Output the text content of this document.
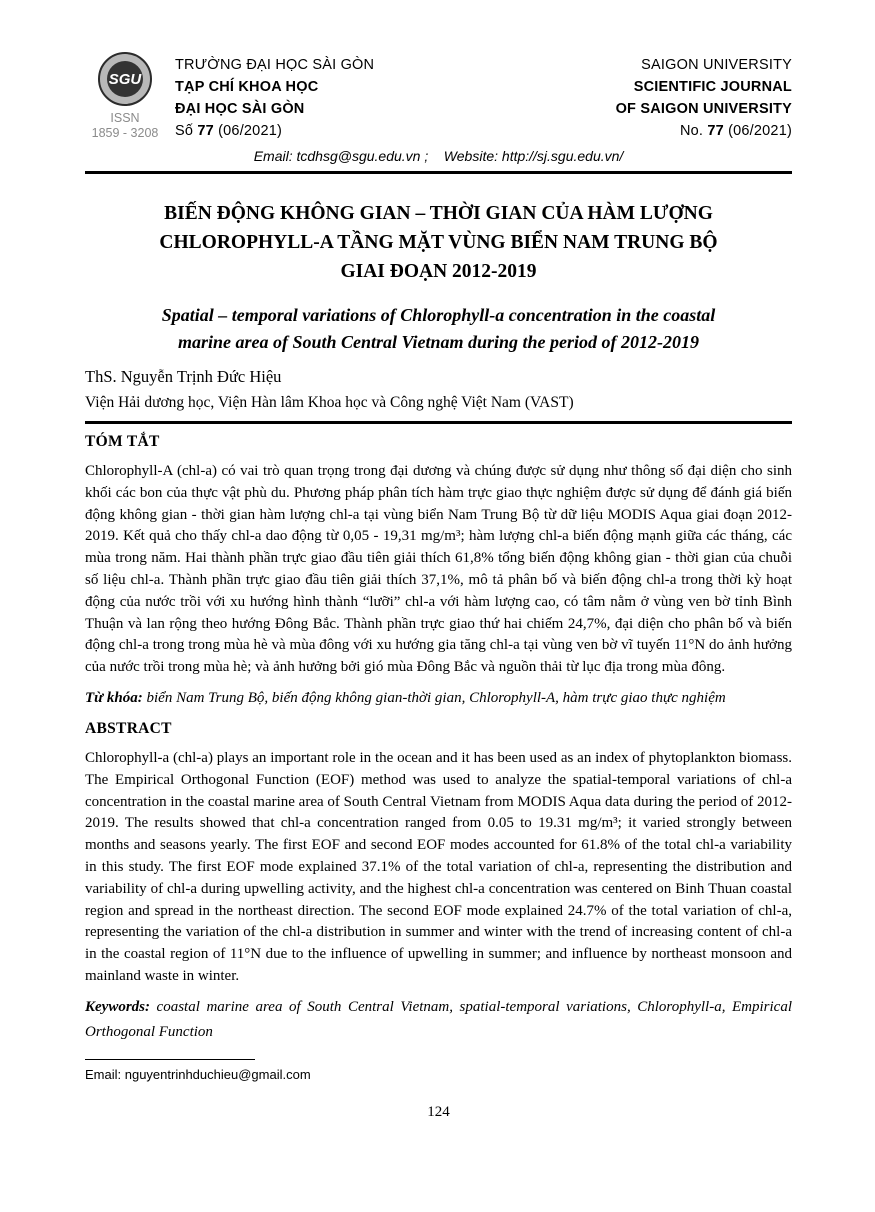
SGU
ISSN
1859 - 3208
TRƯỜNG ĐẠI HỌC SÀI GÒN
TẠP CHÍ KHOA HỌC
ĐẠI HỌC SÀI GÒN
Số 77 (06/2021)
SAIGON UNIVERSITY
SCIENTIFIC JOURNAL
OF SAIGON UNIVERSITY
No. 77 (06/2021)
Email: tcdhsg@sgu.edu.vn ;    Website: http://sj.sgu.edu.vn/
BIẾN ĐỘNG KHÔNG GIAN – THỜI GIAN CỦA HÀM LƯỢNG
CHLOROPHYLL-A TẦNG MẶT VÙNG BIỂN NAM TRUNG BỘ
GIAI ĐOẠN 2012-2019
Spatial – temporal variations of Chlorophyll-a concentration in the coastal
marine area of South Central Vietnam during the period of 2012-2019
ThS. Nguyễn Trịnh Đức Hiệu
Viện Hải dương học, Viện Hàn lâm Khoa học và Công nghệ Việt Nam (VAST)
TÓM TẮT

Chlorophyll-A (chl-a) có vai trò quan trọng trong đại dương và chúng được sử dụng như thông số đại diện cho sinh khối các bon của thực vật phù du. Phương pháp phân tích hàm trực giao thực nghiệm được sử dụng để đánh giá biến động không gian - thời gian hàm lượng chl-a tại vùng biển Nam Trung Bộ từ dữ liệu MODIS Aqua giai đoạn 2012-2019. Kết quả cho thấy chl-a dao động từ 0,05 - 19,31 mg/m³; hàm lượng chl-a biến động mạnh giữa các tháng, các mùa trong năm. Hai thành phần trực giao đầu tiên giải thích 61,8% tổng biến động không gian - thời gian của chuỗi số liệu chl-a. Thành phần trực giao đầu tiên giải thích 37,1%, mô tả phân bố và biến động chl-a trong thời kỳ hoạt động của nước trồi với xu hướng hình thành “lưỡi” chl-a với hàm lượng cao, có tâm nằm ở vùng ven bờ tỉnh Bình Thuận và lan rộng theo hướng Đông Bắc. Thành phần trực giao thứ hai chiếm 24,7%, đại diện cho phân bố và biến động chl-a trong trong mùa hè và mùa đông với xu hướng gia tăng chl-a tại vùng ven bờ vĩ tuyến 11°N do ảnh hưởng của nước trồi trong mùa hè; và ảnh hưởng bởi gió mùa Đông Bắc và nguồn thải từ lục địa trong mùa đông.

Từ khóa: biển Nam Trung Bộ, biến động không gian-thời gian, Chlorophyll-A, hàm trực giao thực nghiệm

ABSTRACT

Chlorophyll-a (chl-a) plays an important role in the ocean and it has been used as an index of phytoplankton biomass. The Empirical Orthogonal Function (EOF) method was used to analyze the spatial-temporal variations of chl-a concentration in the coastal marine area of South Central Vietnam from MODIS Aqua data during the period of 2012-2019. The results showed that chl-a concentration ranged from 0.05 to 19.31 mg/m³; it varied strongly between months and seasons yearly. The first EOF and second EOF modes accounted for 61.8% of the total chl-a variability in this study. The first EOF mode explained 37.1% of the total variation of chl-a, representing the distribution and variability of chl-a during upwelling activity, and the highest chl-a concentration was centered on Binh Thuan coastal region and spread in the northeast direction. The second EOF mode explained 24.7% of the total variation of chl-a, representing the variation of the chl-a distribution in summer and winter with the trend of increasing content of chl-a in the coastal region of 11°N due to the influence of upwelling in summer; and influence by northeast monsoon and mainland waste in winter.

Keywords: coastal marine area of South Central Vietnam, spatial-temporal variations, Chlorophyll-a, Empirical Orthogonal Function

Email: nguyentrinhduchieu@gmail.com
124
